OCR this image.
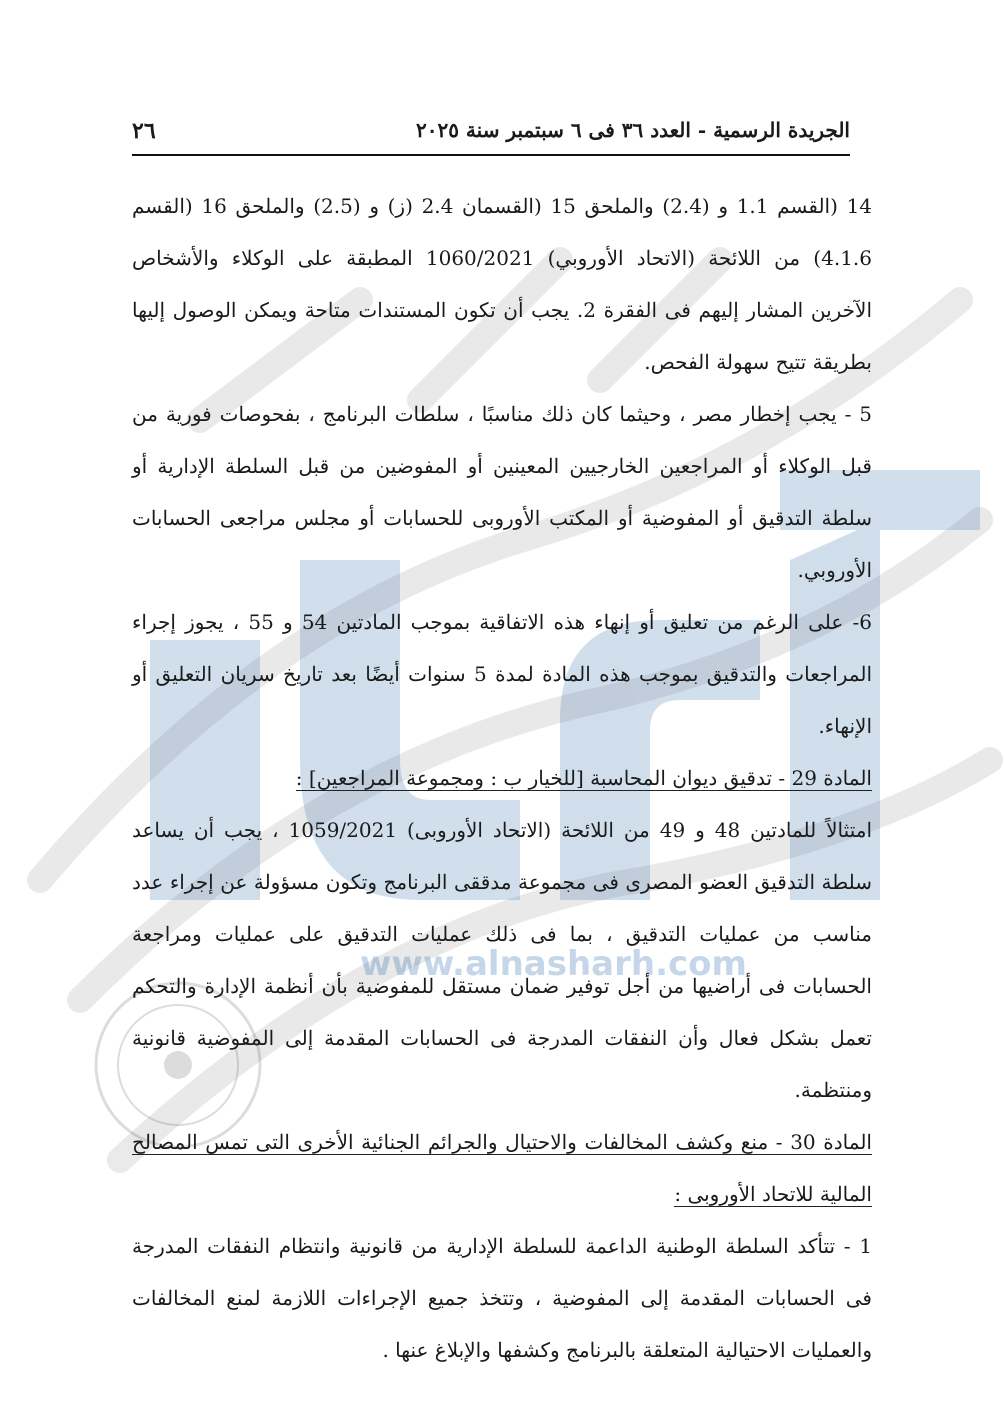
www.alnasharh.com
٢٦	الجريدة الرسمية - العدد ٣٦ فى ٦ سبتمبر سنة ٢٠٢٥

14 (القسم 1.1 و (2.4) والملحق 15 (القسمان 2.4 (ز) و (2.5) والملحق 16 (القسم 4.1.6) من اللائحة (الاتحاد الأوروبي) 1060/2021 المطبقة على الوكلاء والأشخاص الآخرين المشار إليهم فى الفقرة 2. يجب أن تكون المستندات متاحة ويمكن الوصول إليها بطريقة تتيح سهولة الفحص.

5 - يجب إخطار مصر ، وحيثما كان ذلك مناسبًا ، سلطات البرنامج ، بفحوصات فورية من قبل الوكلاء أو المراجعين الخارجيين المعينين أو المفوضين من قبل السلطة الإدارية أو سلطة التدقيق أو المفوضية أو المكتب الأوروبى للحسابات أو مجلس مراجعى الحسابات الأوروبي.

6- على الرغم من تعليق أو إنهاء هذه الاتفاقية بموجب المادتين 54 و 55 ، يجوز إجراء المراجعات والتدقيق بموجب هذه المادة لمدة 5 سنوات أيضًا بعد تاريخ سريان التعليق أو الإنهاء.

المادة 29 - تدقيق ديوان المحاسبة [للخيار ب : ومجموعة المراجعين] :

امتثالاً للمادتين 48 و 49 من اللائحة (الاتحاد الأوروبى) 1059/2021 ، يجب أن يساعد سلطة التدقيق العضو المصرى فى مجموعة مدققى البرنامج وتكون مسؤولة عن إجراء عدد مناسب من عمليات التدقيق ، بما فى ذلك عمليات التدقيق على عمليات ومراجعة الحسابات فى أراضيها من أجل توفير ضمان مستقل للمفوضية بأن أنظمة الإدارة والتحكم تعمل بشكل فعال وأن النفقات المدرجة فى الحسابات المقدمة إلى المفوضية قانونية ومنتظمة.

المادة 30 - منع وكشف المخالفات والاحتيال والجرائم الجنائية الأخرى التى تمس المصالح المالية للاتحاد الأوروبى :

1 - تتأكد السلطة الوطنية الداعمة للسلطة الإدارية من قانونية وانتظام النفقات المدرجة فى الحسابات المقدمة إلى المفوضية ، وتتخذ جميع الإجراءات اللازمة لمنع المخالفات والعمليات الاحتيالية المتعلقة بالبرنامج وكشفها والإبلاغ عنها .
